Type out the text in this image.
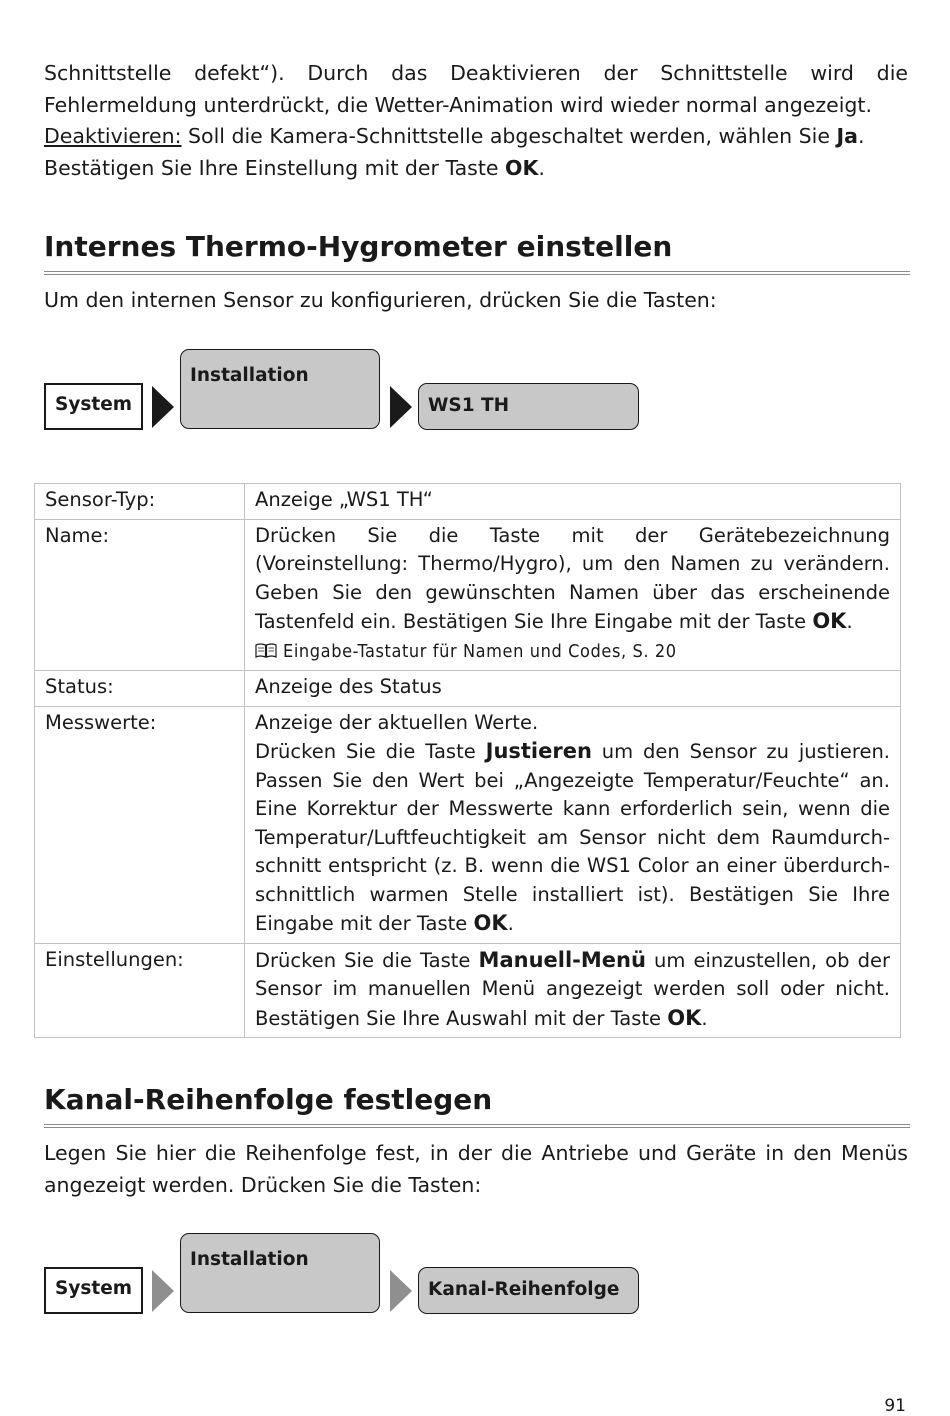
Schnittstelle defekt“). Durch das Deaktivieren der Schnittstelle wird die Fehlermeldung unterdrückt, die Wetter-Animation wird wieder normal angezeigt.
Deaktivieren: Soll die Kamera-Schnittstelle abgeschaltet werden, wählen Sie Ja.
Bestätigen Sie Ihre Einstellung mit der Taste OK.

Internes Thermo-Hygrometer einstellen

Um den internen Sensor zu konfigurieren, drücken Sie die Tasten:

System
Installation
WS1 TH
Sensor-Typ:	Anzeige „WS1 TH“
Name:	Drücken Sie die Taste mit der Gerätebezeichnung (Voreinstellung: Thermo/Hygro), um den Namen zu verändern. Geben Sie den gewünschten Namen über das erscheinende Tastenfeld ein. Bestätigen Sie Ihre Eingabe mit der Taste OK.
Eingabe-Tastatur für Namen und Codes, S. 20
Status:	Anzeige des Status
Messwerte:	Anzeige der aktuellen Werte.
Drücken Sie die Taste Justieren um den Sensor zu justieren. Passen Sie den Wert bei „Angezeigte Temperatur/Feuchte“ an. Eine Korrektur der Messwerte kann erforderlich sein, wenn die Temperatur/Luftfeuchtigkeit am Sensor nicht dem Raumdurchschnitt entspricht (z. B. wenn die WS1 Color an einer überdurchschnittlich warmen Stelle installiert ist). Bestätigen Sie Ihre Eingabe mit der Taste OK.
Einstellungen:	Drücken Sie die Taste Manuell-Menü um einzustellen, ob der Sensor im manuellen Menü angezeigt werden soll oder nicht. Bestätigen Sie Ihre Auswahl mit der Taste OK.
Kanal-Reihenfolge festlegen

Legen Sie hier die Reihenfolge fest, in der die Antriebe und Geräte in den Menüs angezeigt werden. Drücken Sie die Tasten:

System
Installation
Kanal-Reihenfolge
91
